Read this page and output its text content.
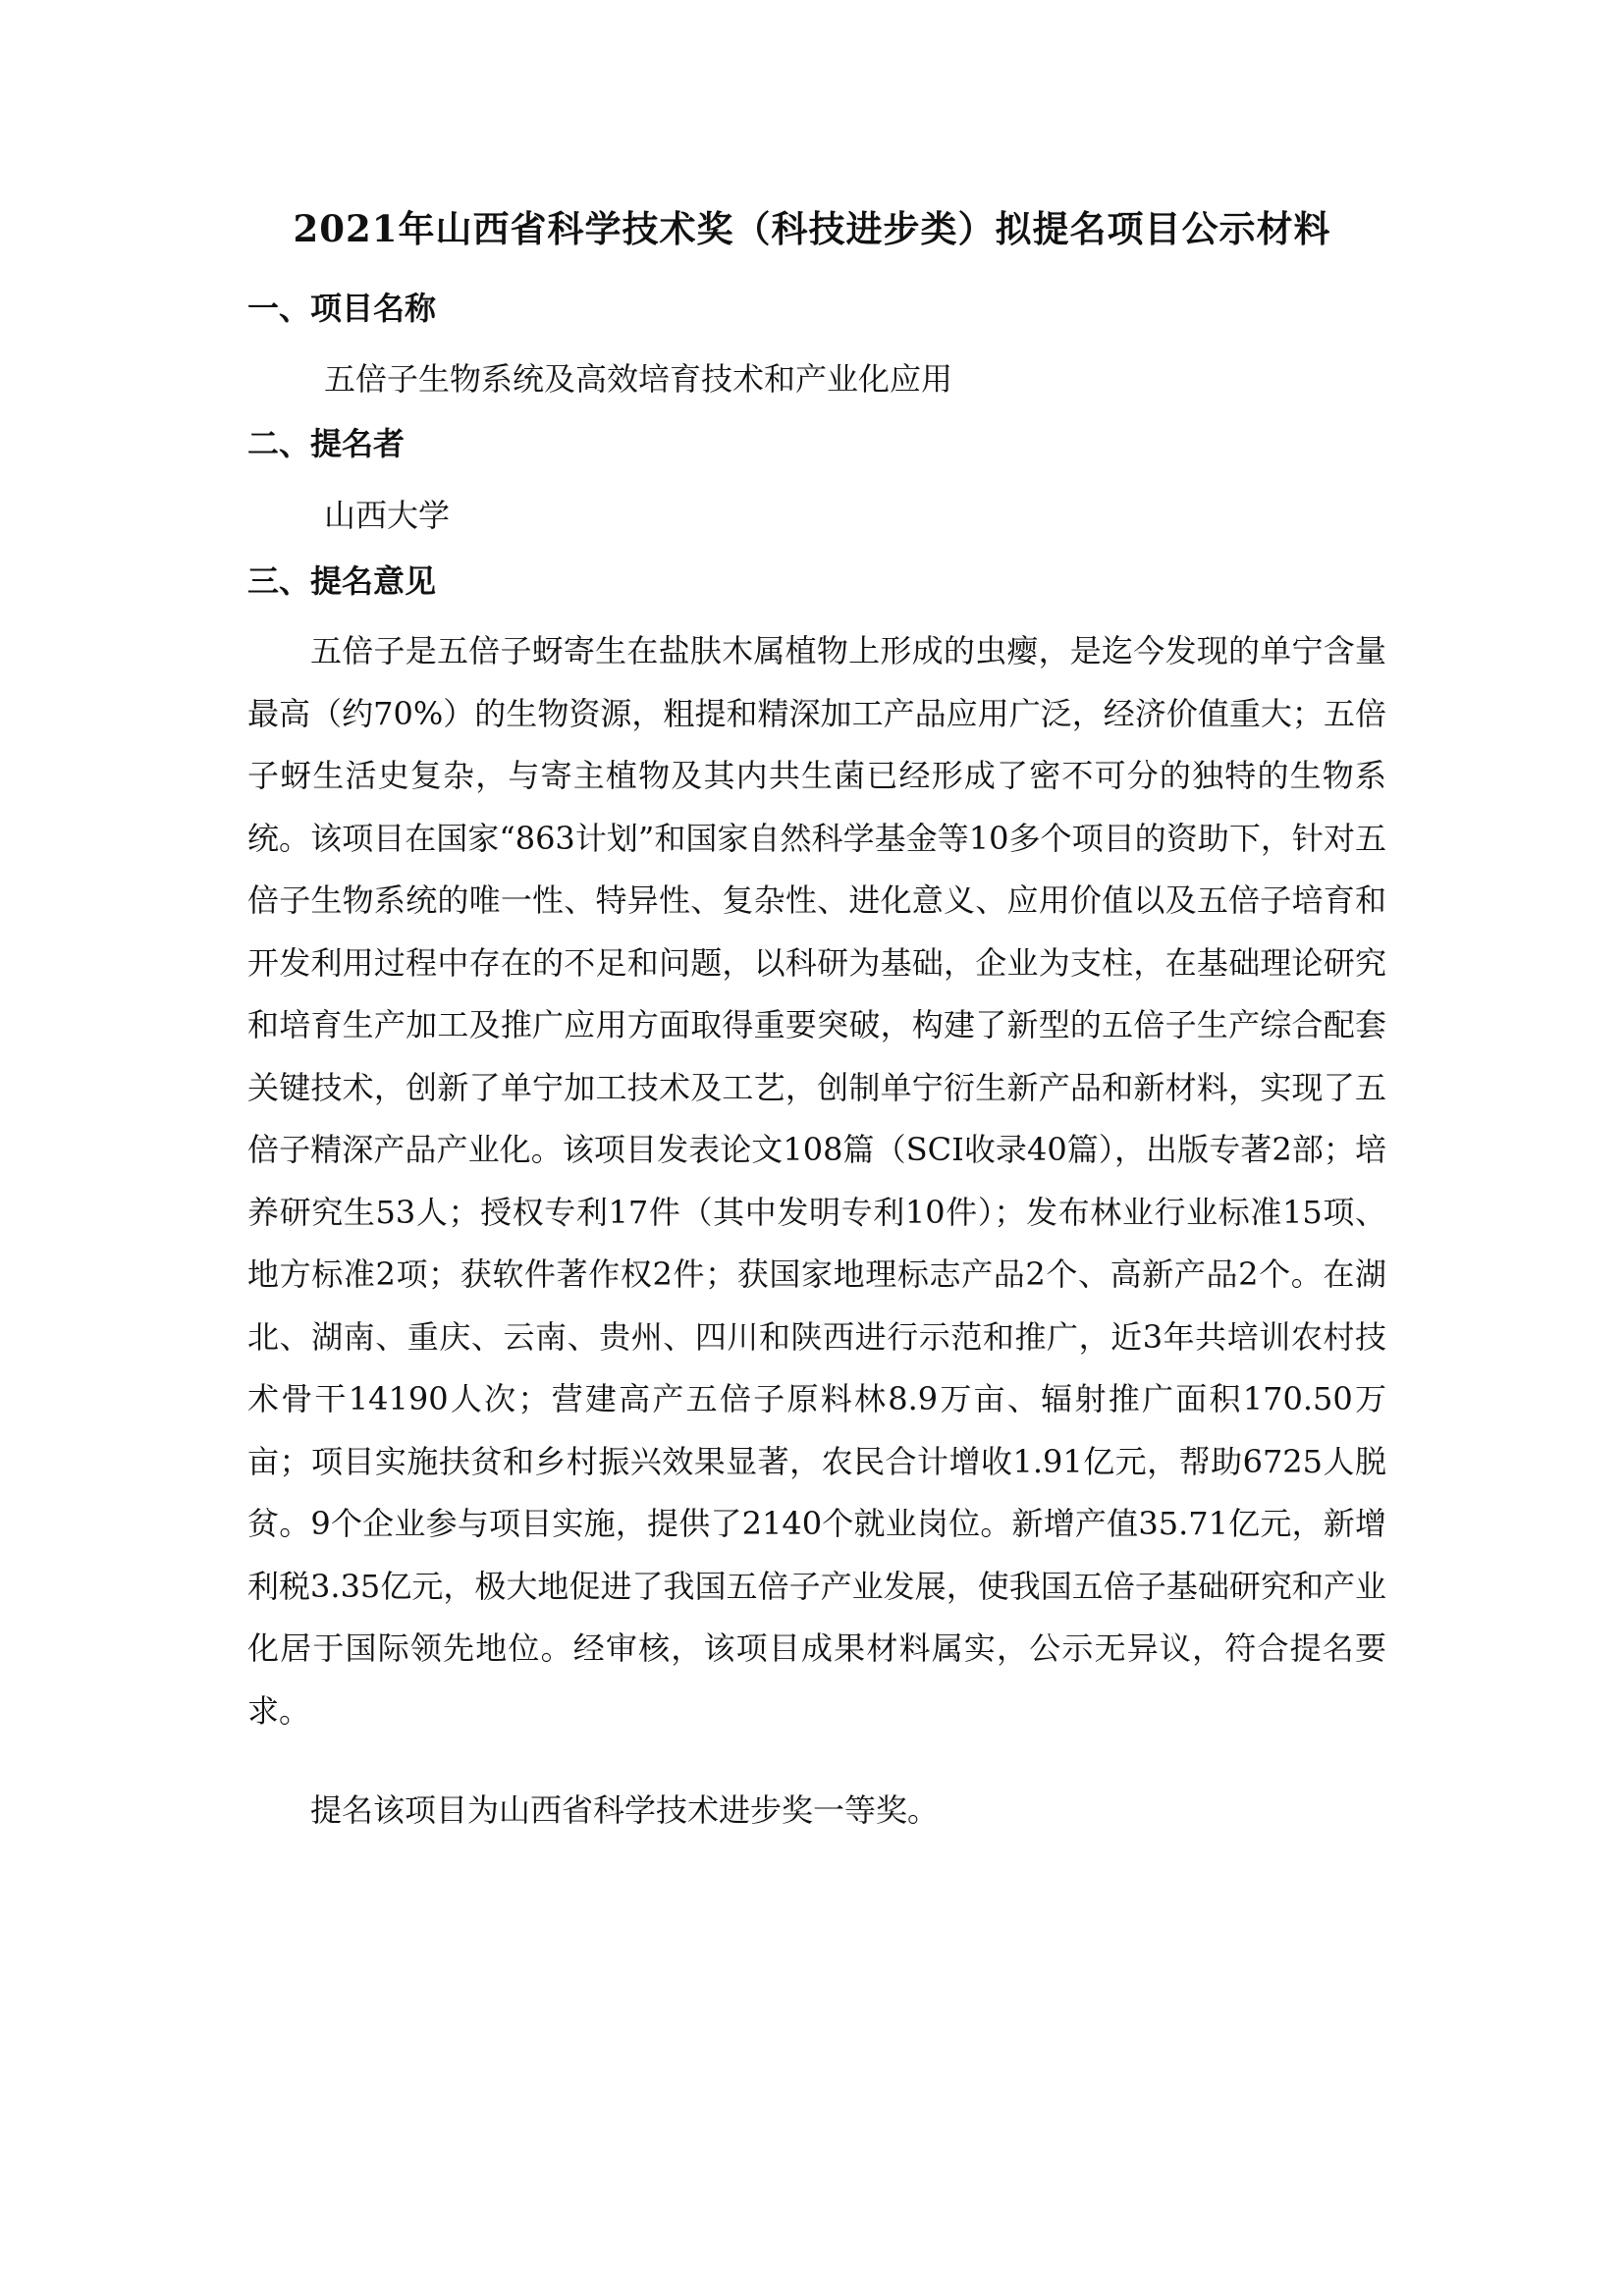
2021年山西省科学技术奖（科技进步类）拟提名项目公示材料
一、项目名称
五倍子生物系统及高效培育技术和产业化应用
二、提名者
山西大学
三、提名意见

五倍子是五倍子蚜寄生在盐肤木属植物上形成的虫瘿，是迄今发现的单宁含量最高（约70%）的生物资源，粗提和精深加工产品应用广泛，经济价值重大；五倍子蚜生活史复杂，与寄主植物及其内共生菌已经形成了密不可分的独特的生物系统。该项目在国家“863计划”和国家自然科学基金等10多个项目的资助下，针对五倍子生物系统的唯一性、特异性、复杂性、进化意义、应用价值以及五倍子培育和开发利用过程中存在的不足和问题，以科研为基础，企业为支柱，在基础理论研究和培育生产加工及推广应用方面取得重要突破，构建了新型的五倍子生产综合配套关键技术，创新了单宁加工技术及工艺，创制单宁衍生新产品和新材料，实现了五倍子精深产品产业化。该项目发表论文108篇（SCI收录40篇），出版专著2部；培养研究生53人；授权专利17件（其中发明专利10件）；发布林业行业标准15项、地方标准2项；获软件著作权2件；获国家地理标志产品2个、高新产品2个。在湖北、湖南、重庆、云南、贵州、四川和陕西进行示范和推广，近3年共培训农村技术骨干14190人次；营建高产五倍子原料林8.9万亩、辐射推广面积170.50万亩；项目实施扶贫和乡村振兴效果显著，农民合计增收1.91亿元，帮助6725人脱贫。9个企业参与项目实施，提供了2140个就业岗位。新增产值35.71亿元，新增利税3.35亿元，极大地促进了我国五倍子产业发展，使我国五倍子基础研究和产业化居于国际领先地位。经审核，该项目成果材料属实，公示无异议，符合提名要求。

提名该项目为山西省科学技术进步奖一等奖。
